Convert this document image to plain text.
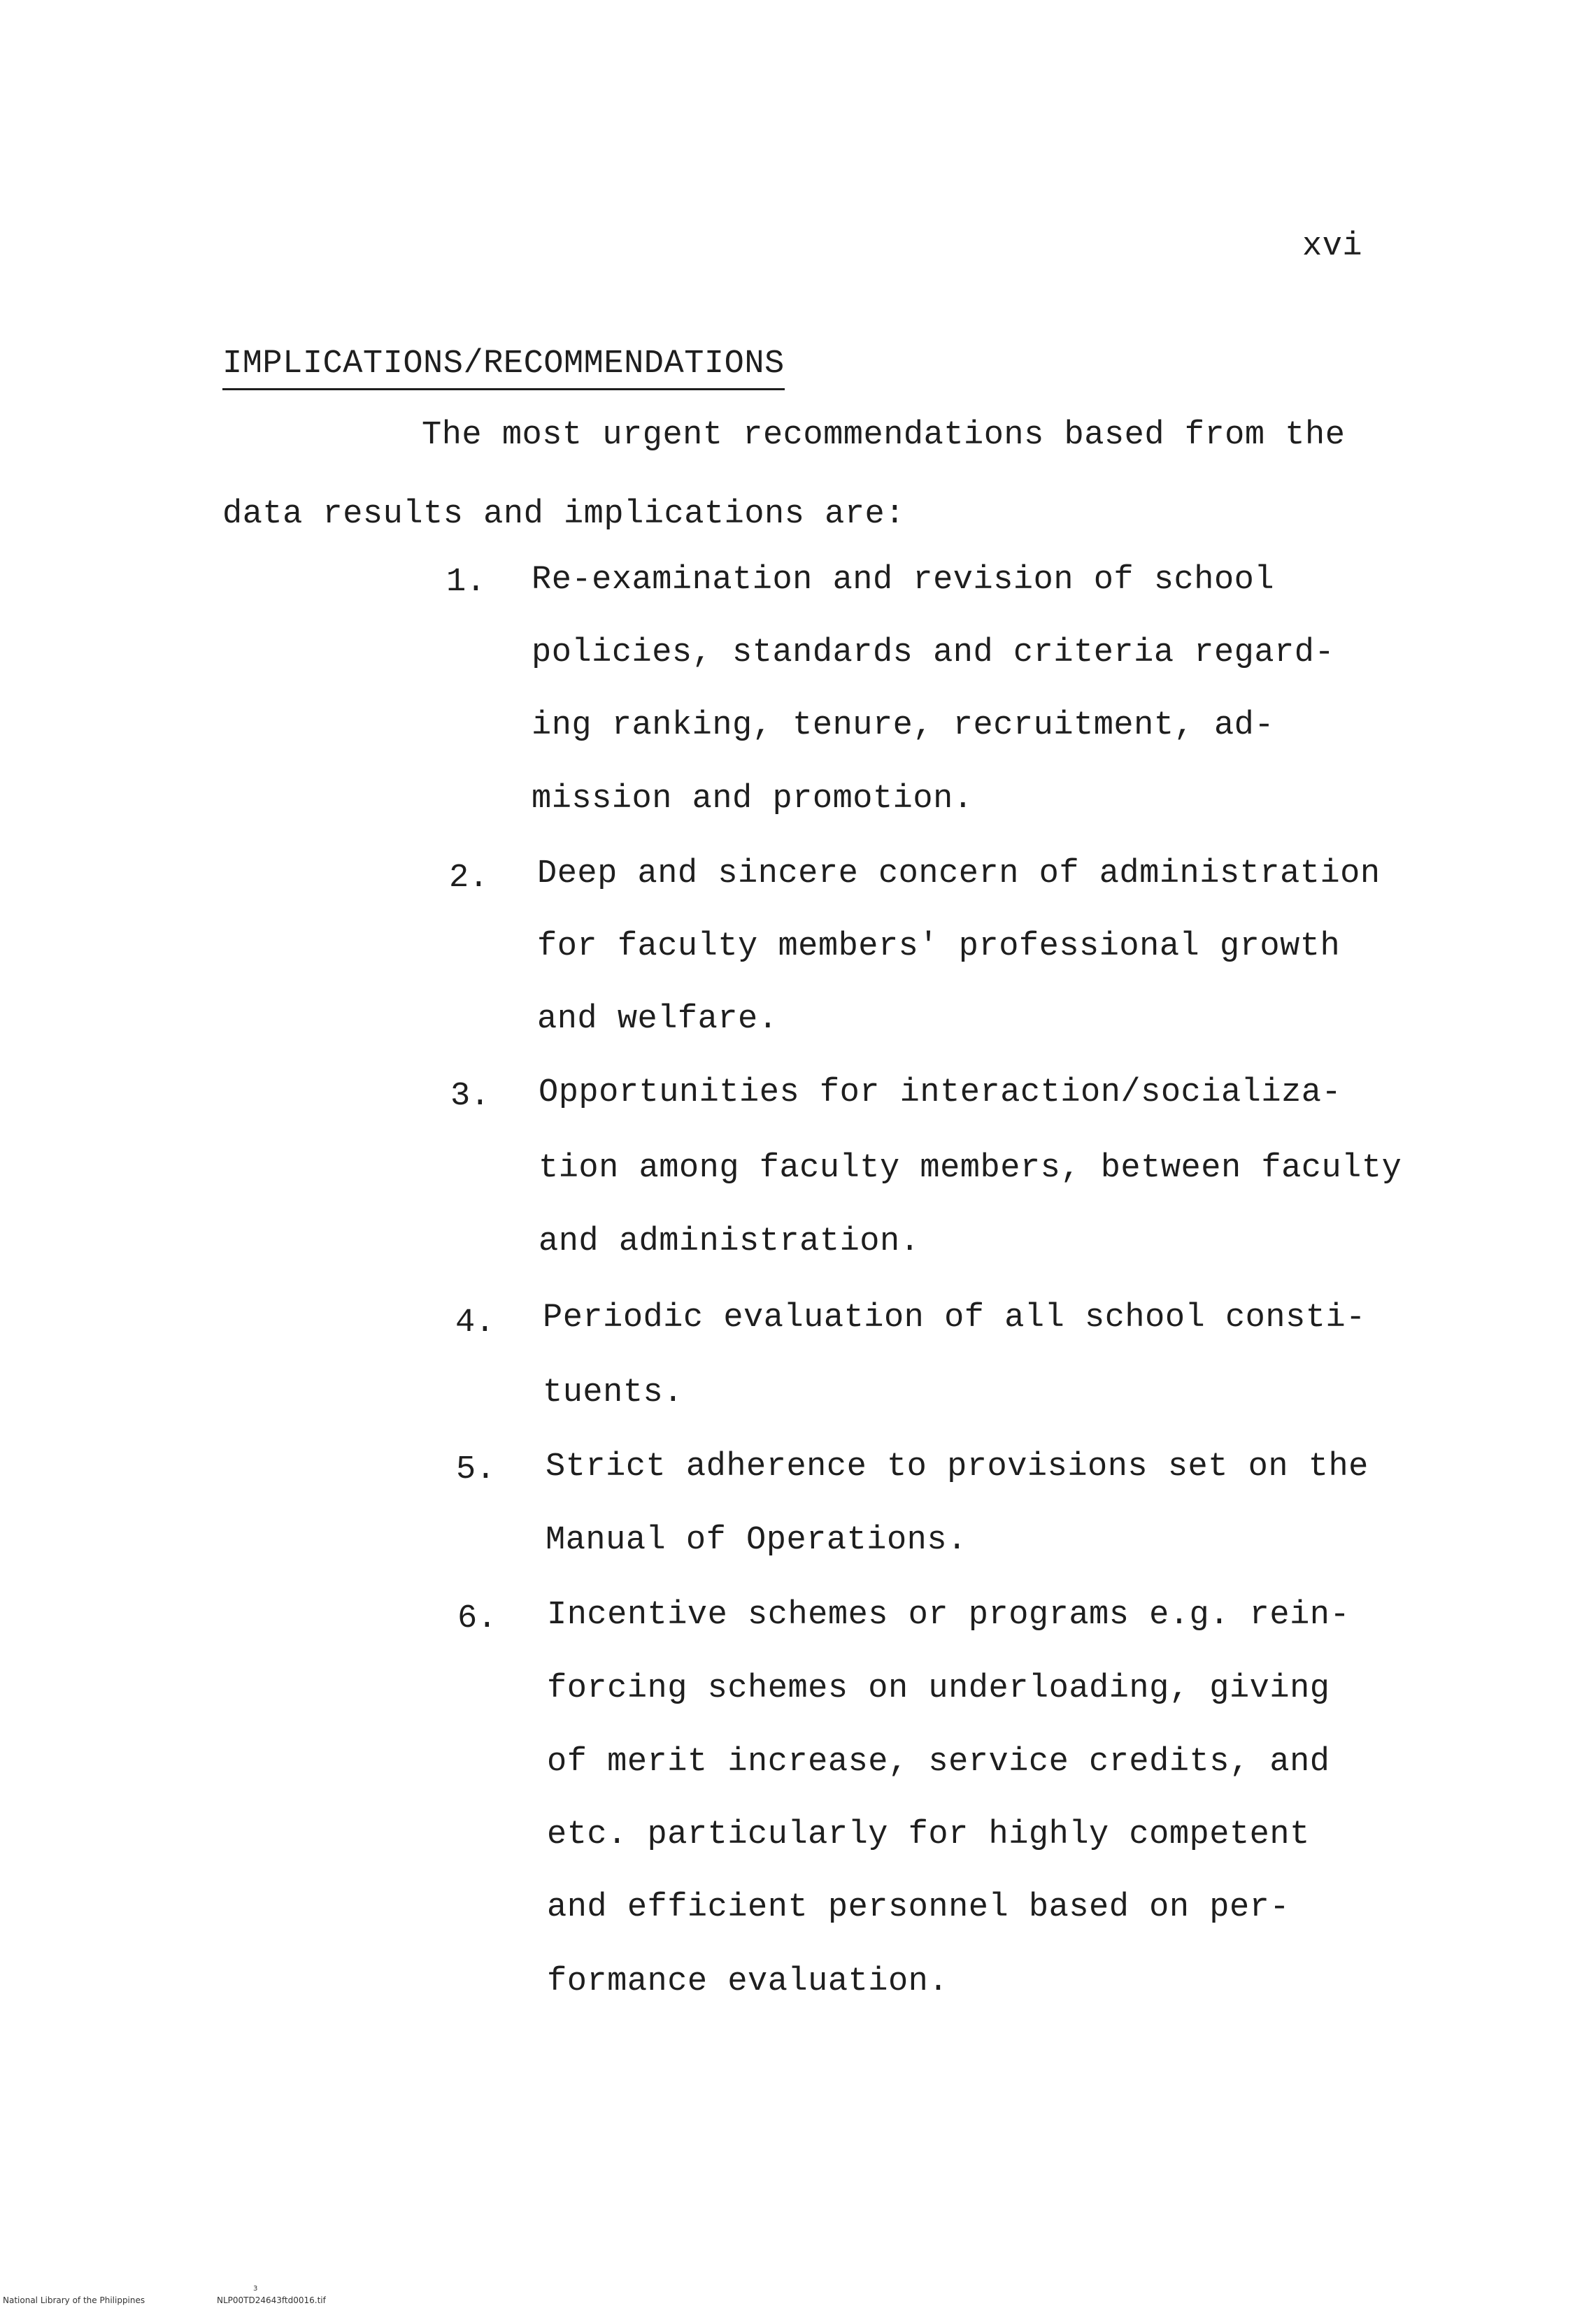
xvi
IMPLICATIONS/RECOMMENDATIONS
The most urgent recommendations based from the
data results and implications are:
1. Re-examination and revision of school
policies, standards and criteria regard-
ing ranking, tenure, recruitment, ad-
mission and promotion.
2. Deep and sincere concern of administration
for faculty members' professional growth
and welfare.
3. Opportunities for interaction/socializa-
tion among faculty members, between faculty
and administration.
4. Periodic evaluation of all school consti-
tuents.
5. Strict adherence to provisions set on the
Manual of Operations.
6. Incentive schemes or programs e.g. rein-
forcing schemes on underloading, giving
of merit increase, service credits, and
etc. particularly for highly competent
and efficient personnel based on per-
formance evaluation.
3
National Library of the Philippines	NLP00TD24643ftd0016.tif
